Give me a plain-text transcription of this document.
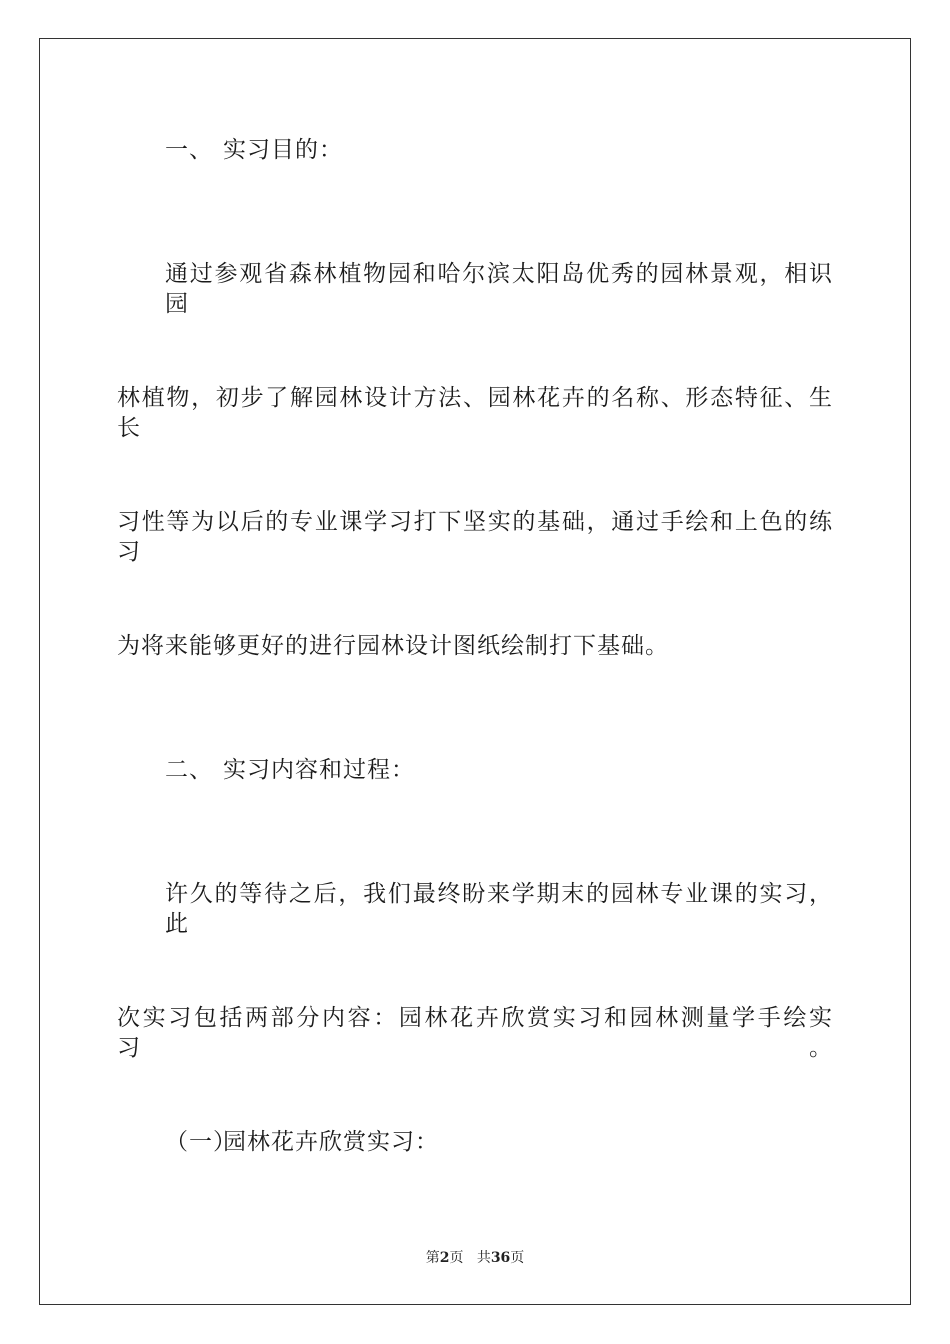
一、 实习目的：
通过参观省森林植物园和哈尔滨太阳岛优秀的园林景观，相识园
林植物，初步了解园林设计方法、园林花卉的名称、形态特征、生长
习性等为以后的专业课学习打下坚实的基础，通过手绘和上色的练习
为将来能够更好的进行园林设计图纸绘制打下基础。
二、 实习内容和过程：
许久的等待之后，我们最终盼来学期末的园林专业课的实习，此
次实习包括两部分内容：园林花卉欣赏实习和园林测量学手绘实习。
（一）园林花卉欣赏实习：
第2页 共36页
